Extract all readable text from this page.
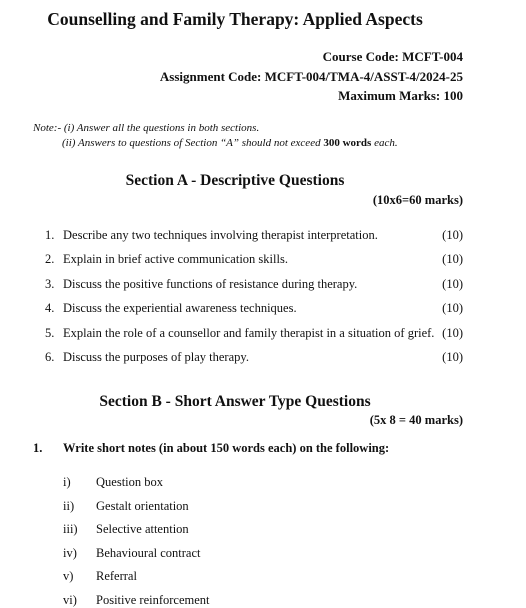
Counselling and Family Therapy: Applied Aspects
Course Code: MCFT-004
Assignment Code: MCFT-004/TMA-4/ASST-4/2024-25
Maximum Marks: 100
Note:- (i) Answer all the questions in both sections.
(ii) Answers to questions of Section “A” should not exceed 300 words each.
Section A - Descriptive Questions
(10x6=60 marks)
1. Describe any two techniques involving therapist interpretation.	(10)
2. Explain in brief active communication skills.	(10)
3. Discuss the positive functions of resistance during therapy.	(10)
4. Discuss the experiential awareness techniques.	(10)
5. Explain the role of a counsellor and family therapist in a situation of grief. (10)
6. Discuss the purposes of play therapy.	(10)
Section B - Short Answer Type Questions
(5x 8 = 40 marks)
1. Write short notes (in about 150 words each) on the following:
i) Question box
ii) Gestalt orientation
iii) Selective attention
iv) Behavioural contract
v) Referral
vi) Positive reinforcement
